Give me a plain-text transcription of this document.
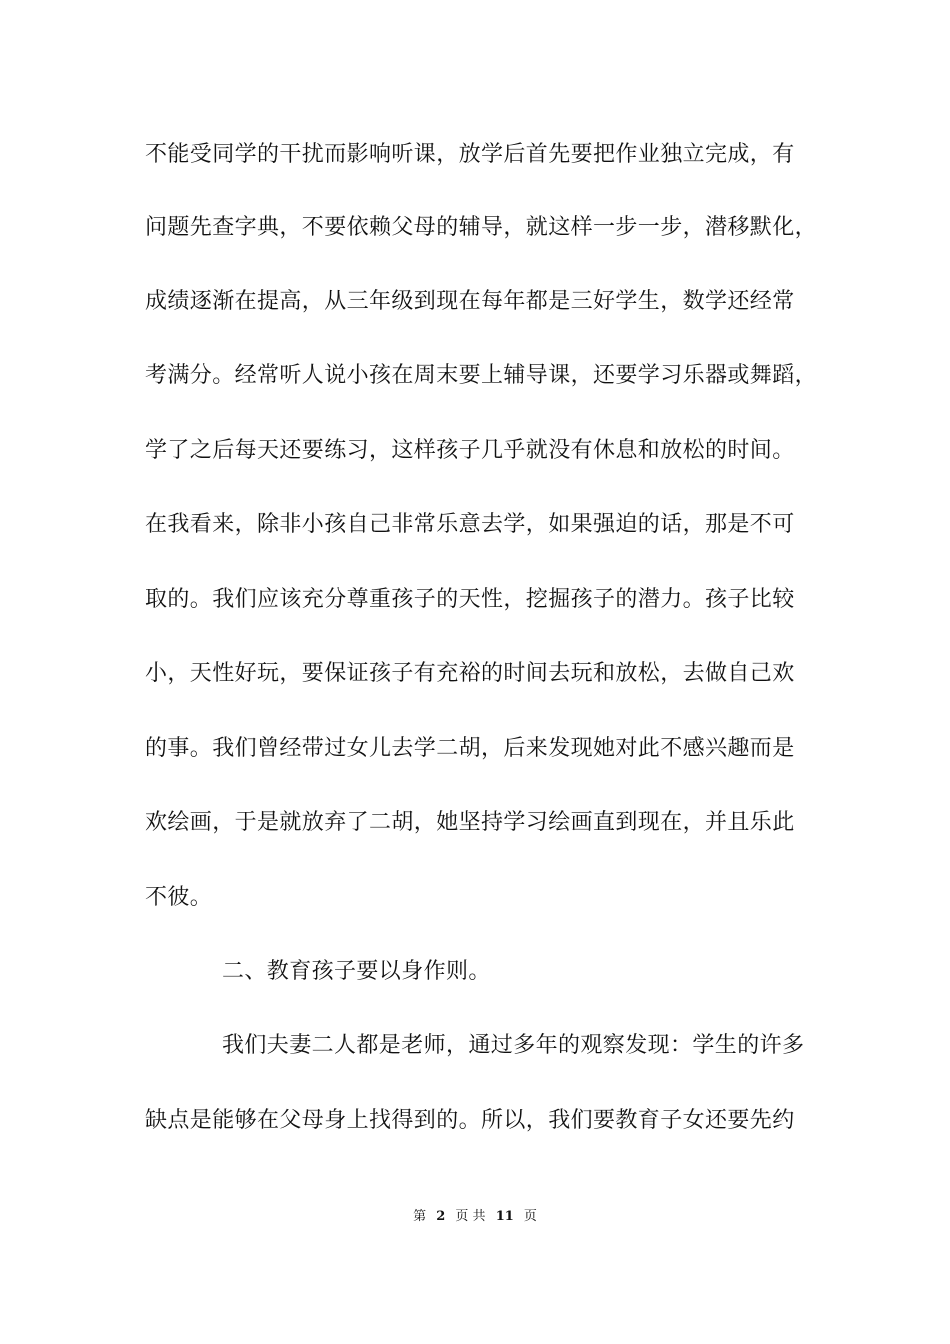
不能受同学的干扰而影响听课，放学后首先要把作业独立完成，有
问题先查字典，不要依赖父母的辅导，就这样一步一步，潜移默化，
成绩逐渐在提高，从三年级到现在每年都是三好学生，数学还经常
考满分。经常听人说小孩在周末要上辅导课，还要学习乐器或舞蹈，
学了之后每天还要练习，这样孩子几乎就没有休息和放松的时间。
在我看来，除非小孩自己非常乐意去学，如果强迫的话，那是不可
取的。我们应该充分尊重孩子的天性，挖掘孩子的潜力。孩子比较
小，天性好玩，要保证孩子有充裕的时间去玩和放松，去做自己欢
的事。我们曾经带过女儿去学二胡，后来发现她对此不感兴趣而是
欢绘画，于是就放弃了二胡，她坚持学习绘画直到现在，并且乐此
不彼。
二、教育孩子要以身作则。
我们夫妻二人都是老师，通过多年的观察发现：学生的许多
缺点是能够在父母身上找得到的。所以，我们要教育子女还要先约
第 2 页 共 11 页
